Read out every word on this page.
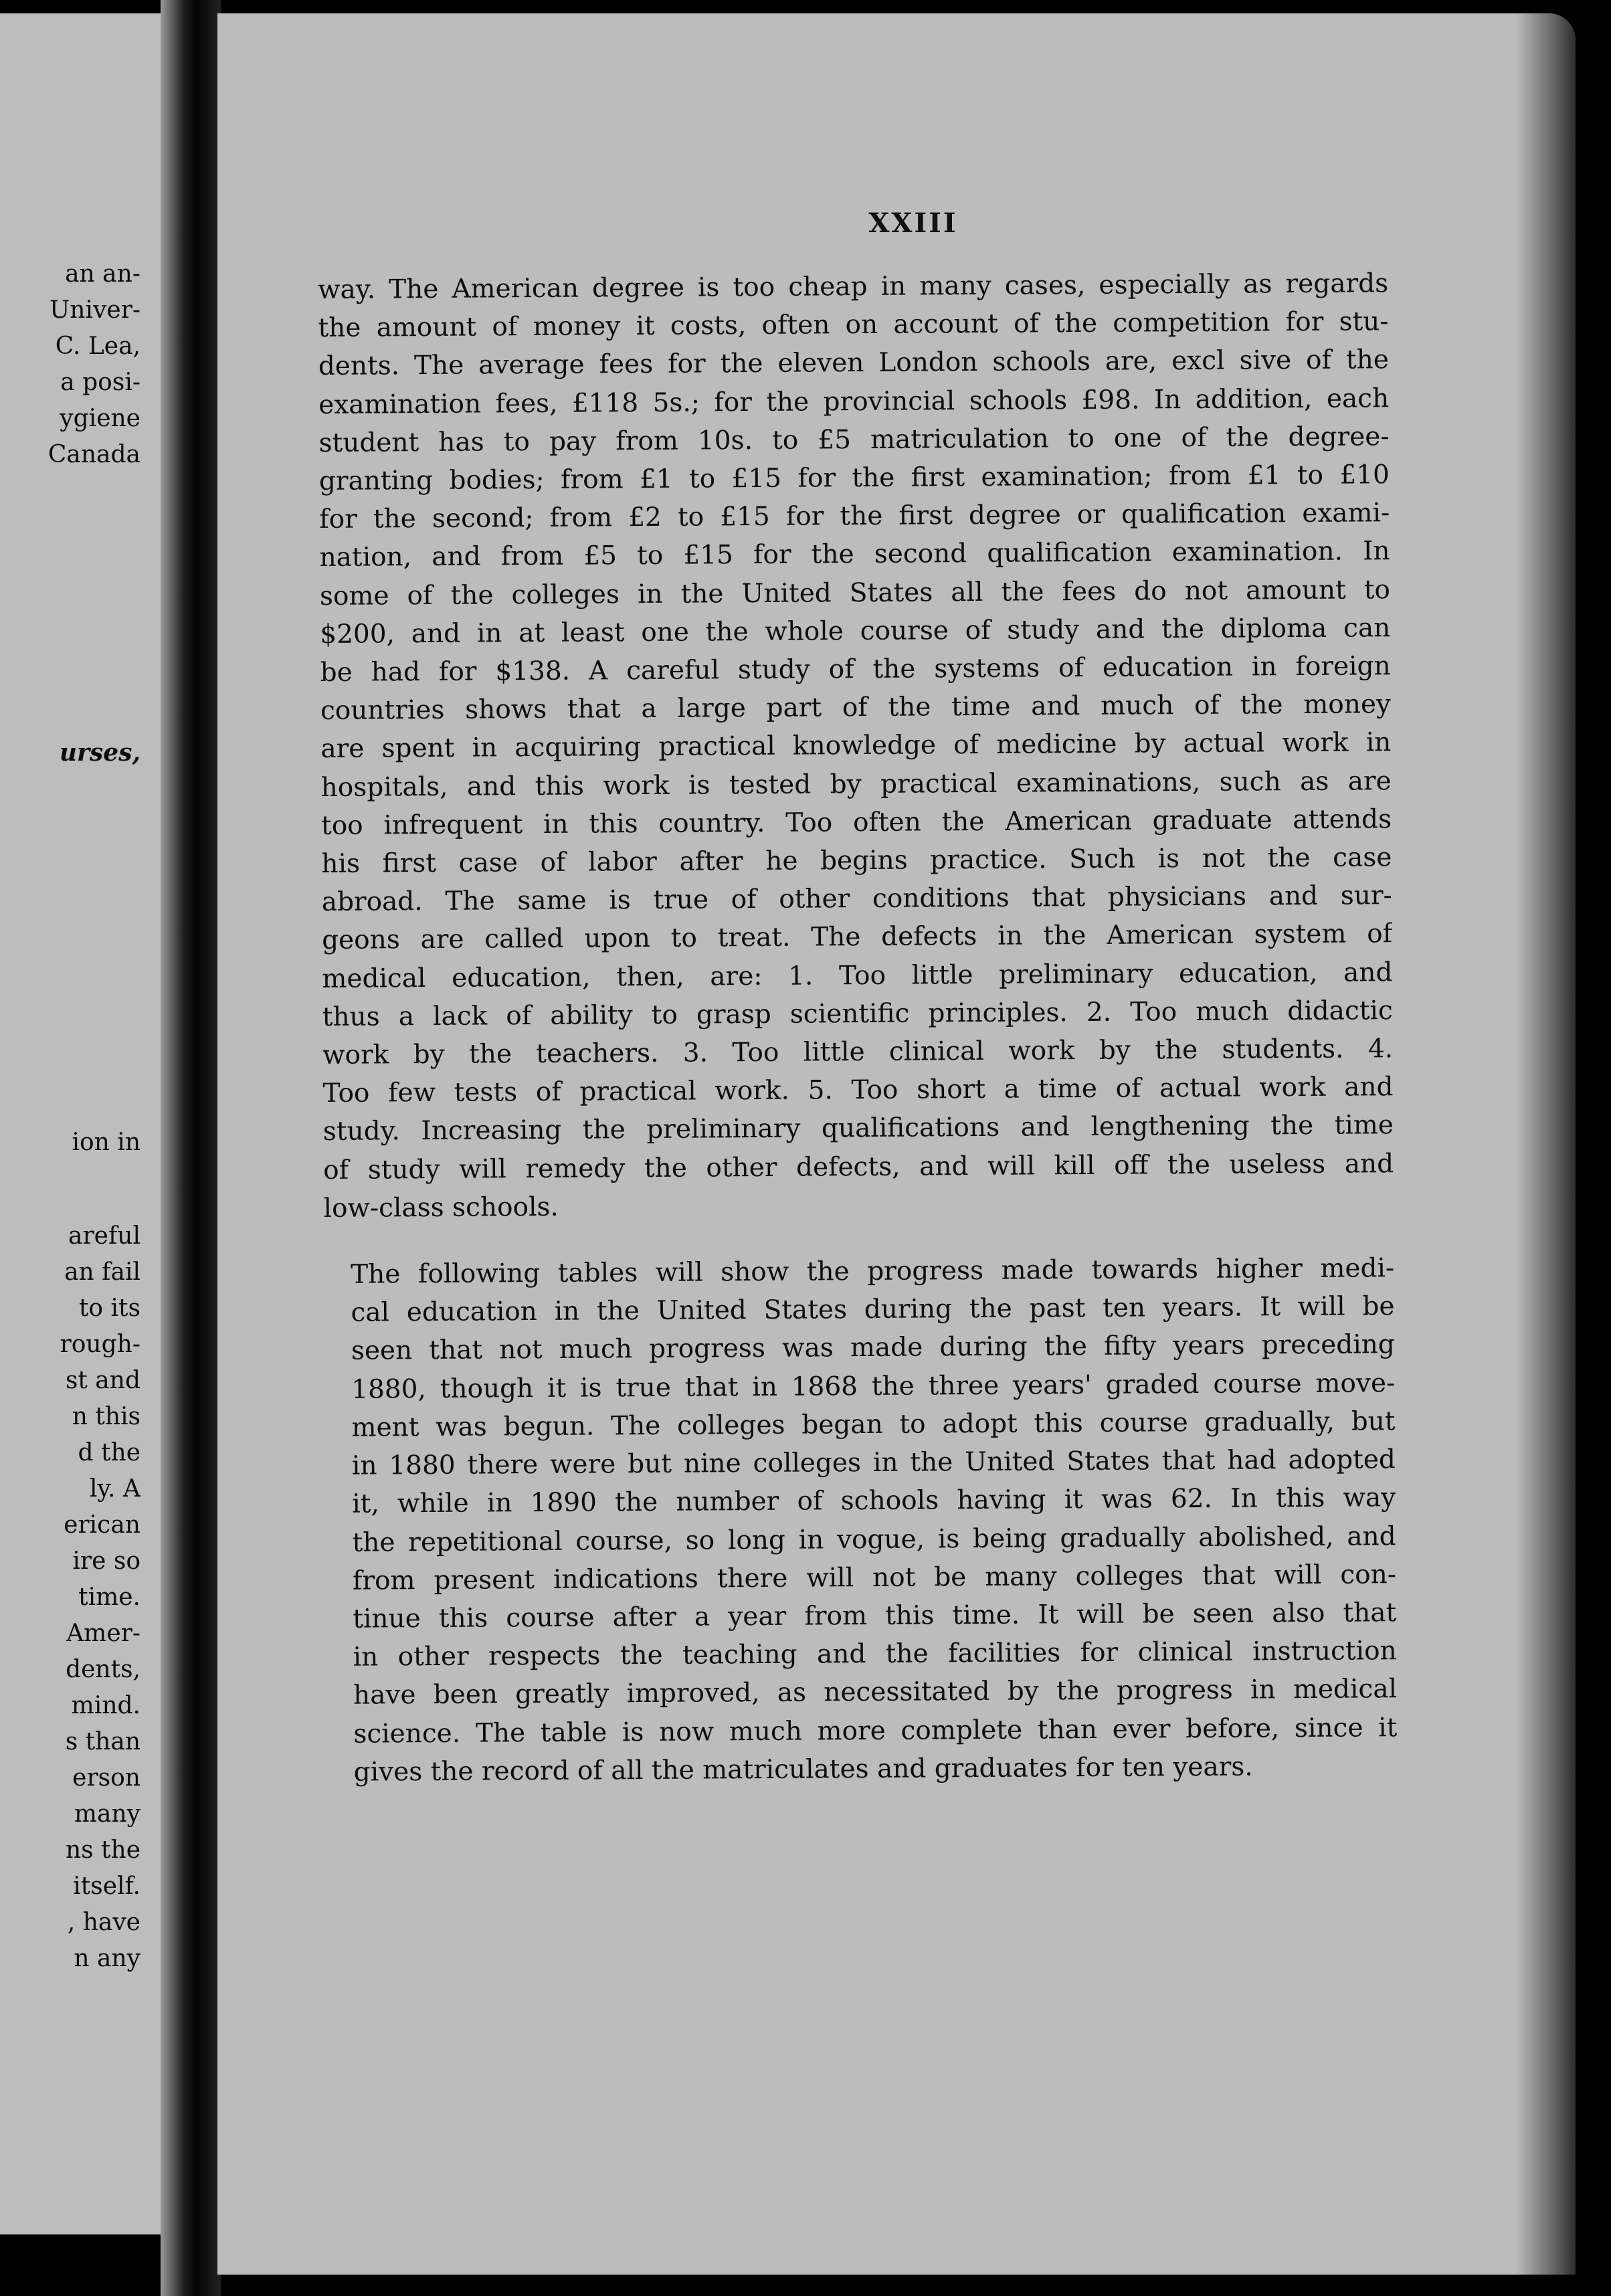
an an-
Univer-
C. Lea,
a posi-
ygiene
Canada
urses,
ion in
areful
an fail
to its
rough-
st and
n this
d the
ly. A
erican
ire so
time.
Amer-
dents,
mind.
s than
erson
many
ns the
itself.
, have
n any
XXIII

way. The American degree is too cheap in many cases, especially as regards
the amount of money it costs, often on account of the competition for stu-
dents. The average fees for the eleven London schools are, excl sive of the
examination fees, £118 5s.; for the provincial schools £98. In addition, each
student has to pay from 10s. to £5 matriculation to one of the degree-
granting bodies; from £1 to £15 for the first examination; from £1 to £10
for the second; from £2 to £15 for the first degree or qualification exami-
nation, and from £5 to £15 for the second qualification examination. In
some of the colleges in the United States all the fees do not amount to
$200, and in at least one the whole course of study and the diploma can
be had for $138. A careful study of the systems of education in foreign
countries shows that a large part of the time and much of the money
are spent in acquiring practical knowledge of medicine by actual work in
hospitals, and this work is tested by practical examinations, such as are
too infrequent in this country. Too often the American graduate attends
his first case of labor after he begins practice. Such is not the case
abroad. The same is true of other conditions that physicians and sur-
geons are called upon to treat. The defects in the American system of
medical education, then, are: 1. Too little preliminary education, and
thus a lack of ability to grasp scientific principles. 2. Too much didactic
work by the teachers. 3. Too little clinical work by the students. 4.
Too few tests of practical work. 5. Too short a time of actual work and
study. Increasing the preliminary qualifications and lengthening the time
of study will remedy the other defects, and will kill off the useless and
low-class schools.

The following tables will show the progress made towards higher medi-
cal education in the United States during the past ten years. It will be
seen that not much progress was made during the fifty years preceding
1880, though it is true that in 1868 the three years' graded course move-
ment was begun. The colleges began to adopt this course gradually, but
in 1880 there were but nine colleges in the United States that had adopted
it, while in 1890 the number of schools having it was 62. In this way
the repetitional course, so long in vogue, is being gradually abolished, and
from present indications there will not be many colleges that will con-
tinue this course after a year from this time. It will be seen also that
in other respects the teaching and the facilities for clinical instruction
have been greatly improved, as necessitated by the progress in medical
science. The table is now much more complete than ever before, since it
gives the record of all the matriculates and graduates for ten years.
